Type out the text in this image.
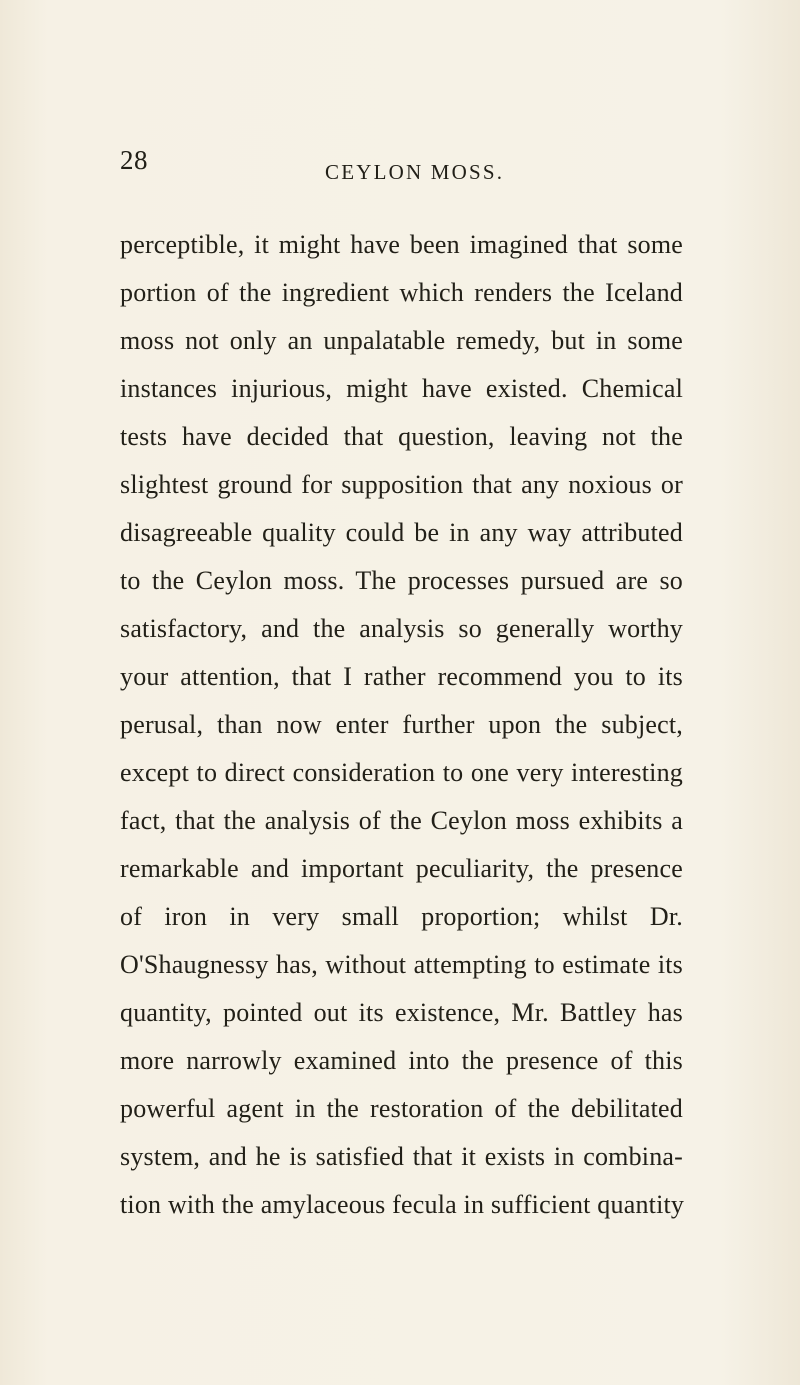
28	CEYLON MOSS.
perceptible, it might have been imagined that some
portion of the ingredient which renders the Iceland
moss not only an unpalatable remedy, but in some
instances injurious, might have existed. Chemical
tests have decided that question, leaving not the
slightest ground for supposition that any noxious or
disagreeable quality could be in any way attributed
to the Ceylon moss. The processes pursued are so
satisfactory, and the analysis so generally worthy
your attention, that I rather recommend you to its
perusal, than now enter further upon the subject,
except to direct consideration to one very interesting
fact, that the analysis of the Ceylon moss exhibits a
remarkable and important peculiarity, the presence
of iron in very small proportion; whilst Dr.
O'Shaugnessy has, without attempting to estimate its
quantity, pointed out its existence, Mr. Battley has
more narrowly examined into the presence of this
powerful agent in the restoration of the debilitated
system, and he is satisfied that it exists in combina-
tion with the amylaceous fecula in sufficient quantity
